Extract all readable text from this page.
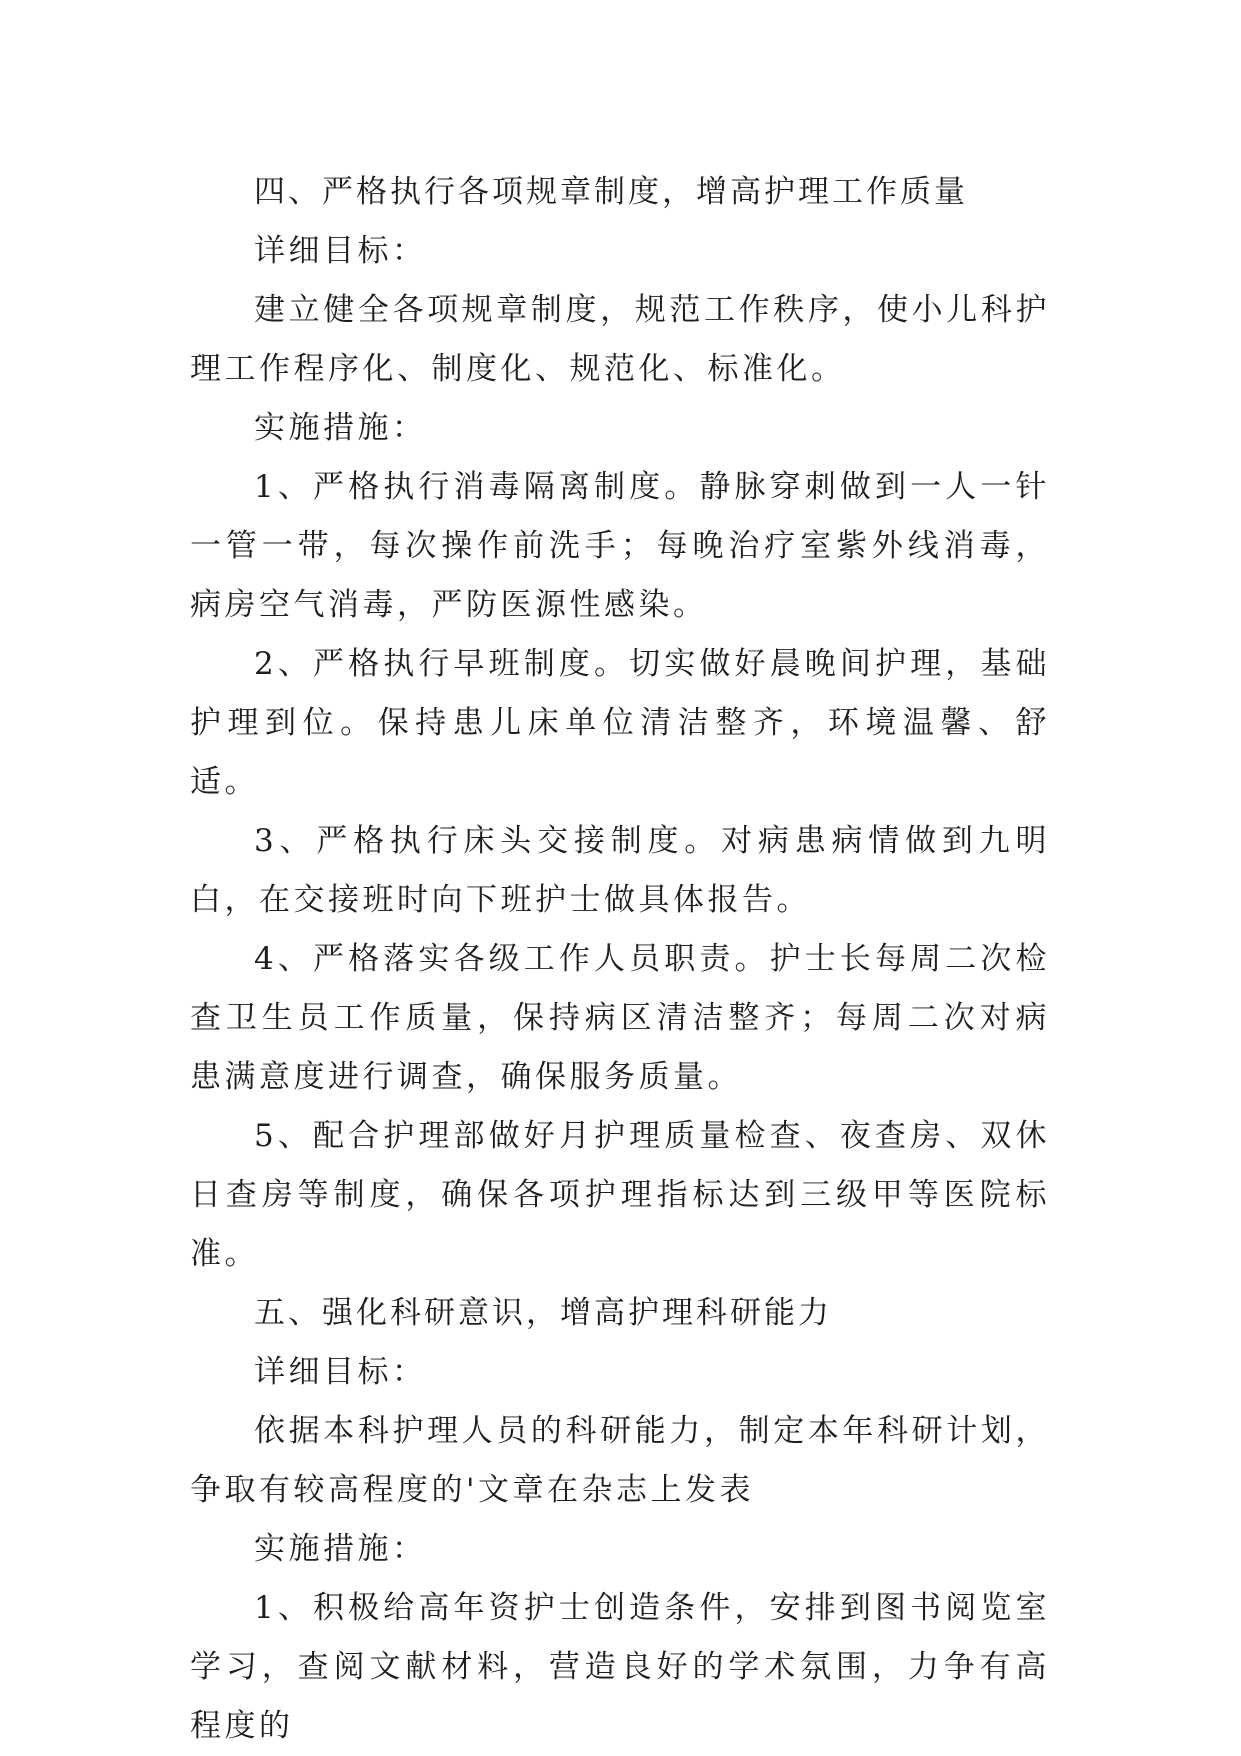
四、严格执行各项规章制度，增高护理工作质量

详细目标：

建立健全各项规章制度，规范工作秩序，使小儿科护理工作程序化、制度化、规范化、标准化。

实施措施：

1、严格执行消毒隔离制度。静脉穿刺做到一人一针一管一带，每次操作前洗手；每晚治疗室紫外线消毒，病房空气消毒，严防医源性感染。

2、严格执行早班制度。切实做好晨晚间护理，基础护理到位。保持患儿床单位清洁整齐，环境温馨、舒适。

3、严格执行床头交接制度。对病患病情做到九明白，在交接班时向下班护士做具体报告。

4、严格落实各级工作人员职责。护士长每周二次检查卫生员工作质量，保持病区清洁整齐；每周二次对病患满意度进行调查，确保服务质量。

5、配合护理部做好月护理质量检查、夜查房、双休日查房等制度，确保各项护理指标达到三级甲等医院标准。

五、强化科研意识，增高护理科研能力

详细目标：

依据本科护理人员的科研能力，制定本年科研计划，争取有较高程度的'文章在杂志上发表

实施措施：

1、积极给高年资护士创造条件，安排到图书阅览室学习，查阅文献材料，营造良好的学术氛围，力争有高程度的
